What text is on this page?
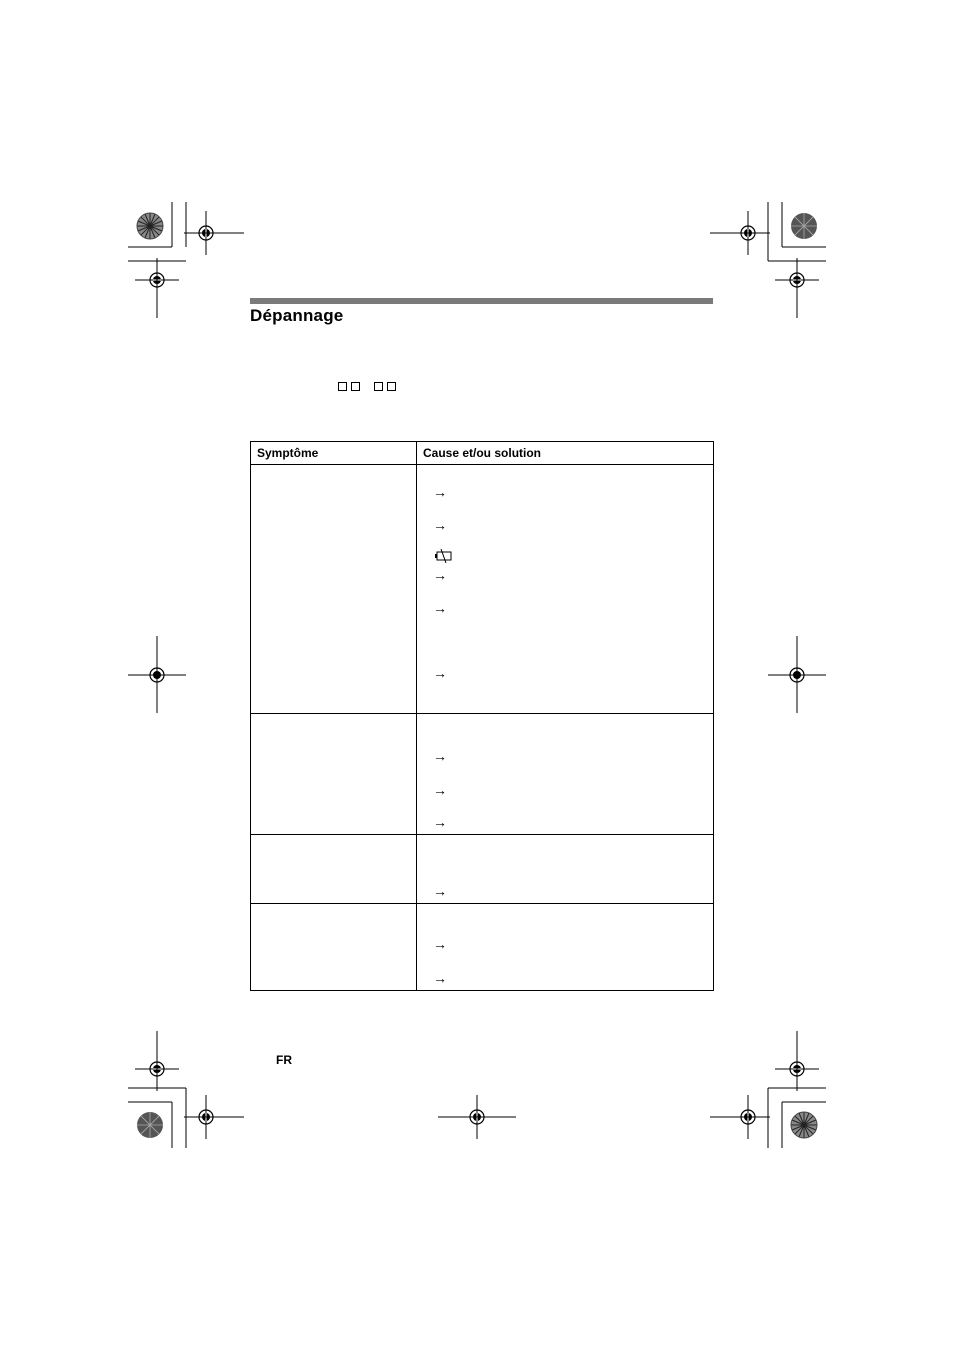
Dépannage
Symptôme	Cause et/ou solution

	→
→
→
→
→

	→
→
→

	→

	→
→
FR
